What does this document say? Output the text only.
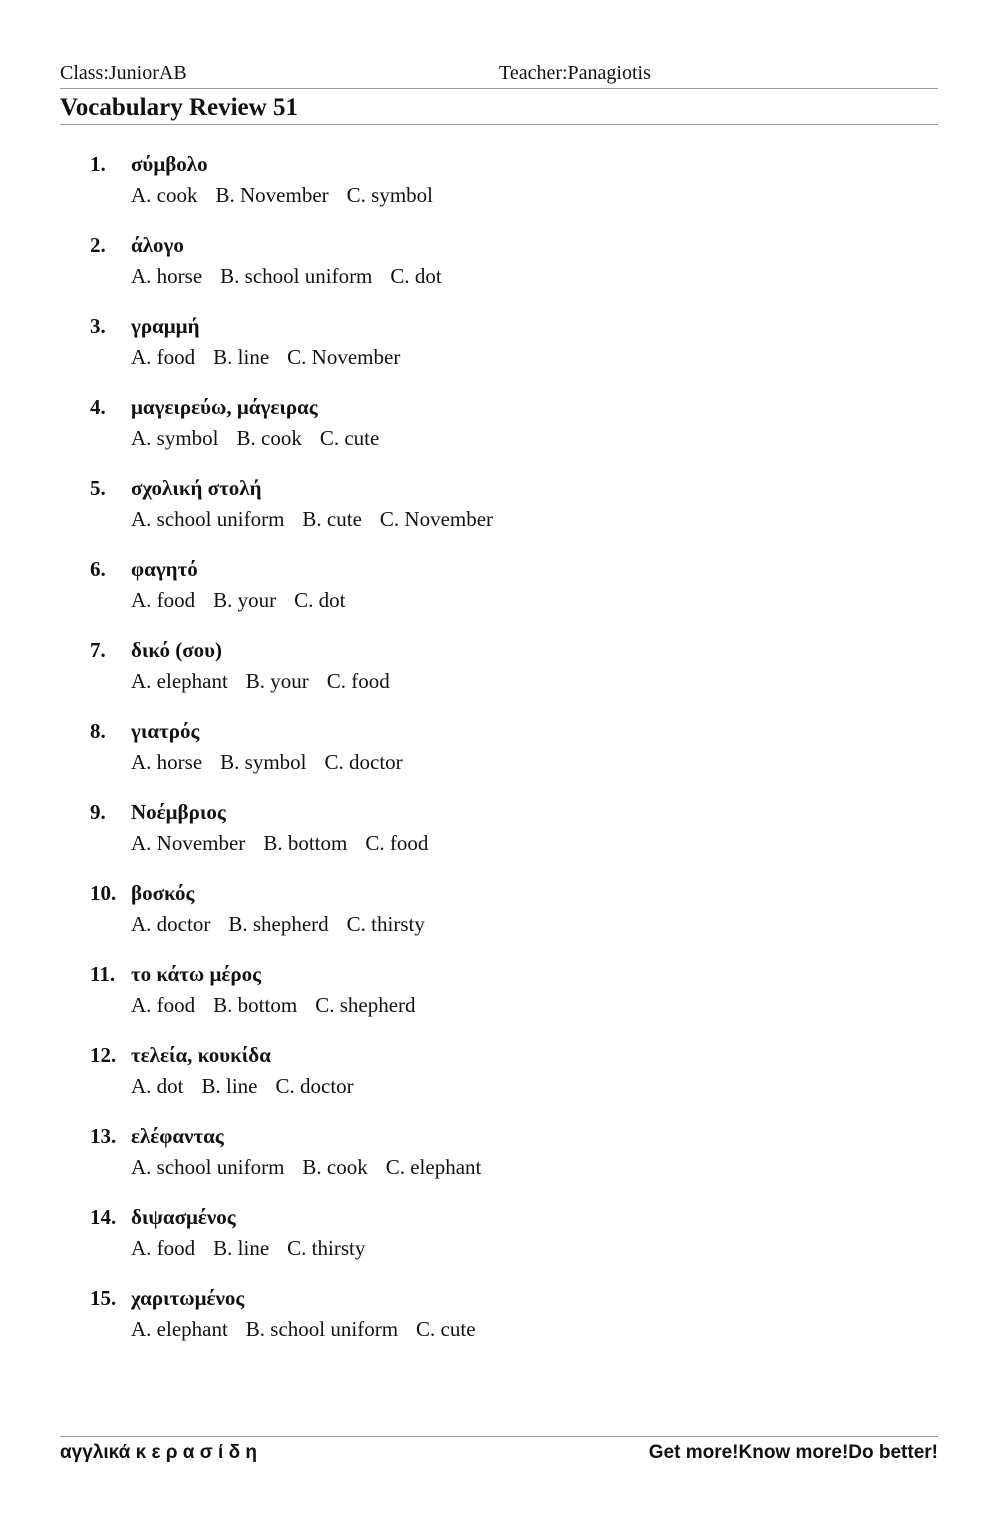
Class:JuniorAB	Teacher:Panagiotis
Vocabulary Review 51
1. σύμβολο
A. cook B. November C. symbol
2. άλογο
A. horse B. school uniform C. dot
3. γραμμή
A. food B. line C. November
4. μαγειρεύω, μάγειρας
A. symbol B. cook C. cute
5. σχολική στολή
A. school uniform B. cute C. November
6. φαγητό
A. food B. your C. dot
7. δικό (σου)
A. elephant B. your C. food
8. γιατρός
A. horse B. symbol C. doctor
9. Νοέμβριος
A. November B. bottom C. food
10. βοσκός
A. doctor B. shepherd C. thirsty
11. το κάτω μέρος
A. food B. bottom C. shepherd
12. τελεία, κουκίδα
A. dot B. line C. doctor
13. ελέφαντας
A. school uniform B. cook C. elephant
14. διψασμένος
A. food B. line C. thirsty
15. χαριτωμένος
A. elephant B. school uniform C. cute
αγγλικά κ ε ρ α σ ί δ η	Get more!Know more!Do better!
